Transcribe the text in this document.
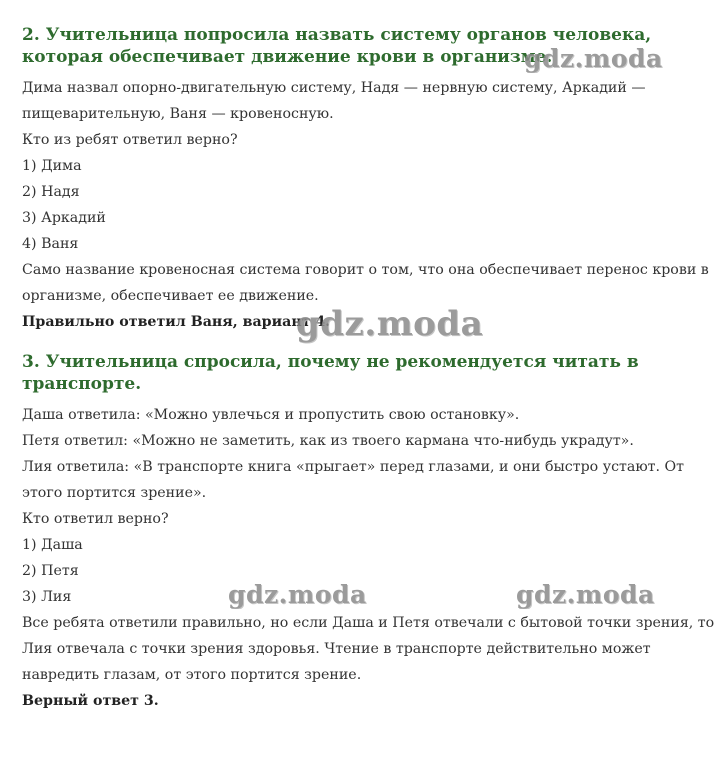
2. Учительница попросила назвать систему органов человека,
которая обеспечивает движение крови в организме.
Дима назвал опорно-двигательную систему, Надя — нервную систему, Аркадий —
пищеварительную, Ваня — кровеносную.
Кто из ребят ответил верно?
1) Дима
2) Надя
3) Аркадий
4) Ваня
Само название кровеносная система говорит о том, что она обеспечивает перенос крови в
организме, обеспечивает ее движение.
Правильно ответил Ваня, вариант 4.
3. Учительница спросила, почему не рекомендуется читать в
транспорте.
Даша ответила: «Можно увлечься и пропустить свою остановку».
Петя ответил: «Можно не заметить, как из твоего кармана что-нибудь украдут».
Лия ответила: «В транспорте книга «прыгает» перед глазами, и они быстро устают. От
этого портится зрение».
Кто ответил верно?
1) Даша
2) Петя
3) Лия
Все ребята ответили правильно, но если Даша и Петя отвечали с бытовой точки зрения, то
Лия отвечала с точки зрения здоровья. Чтение в транспорте действительно может
навредить глазам, от этого портится зрение.
Верный ответ 3.
gdz.moda
gdz.moda
gdz.moda	gdz.moda
